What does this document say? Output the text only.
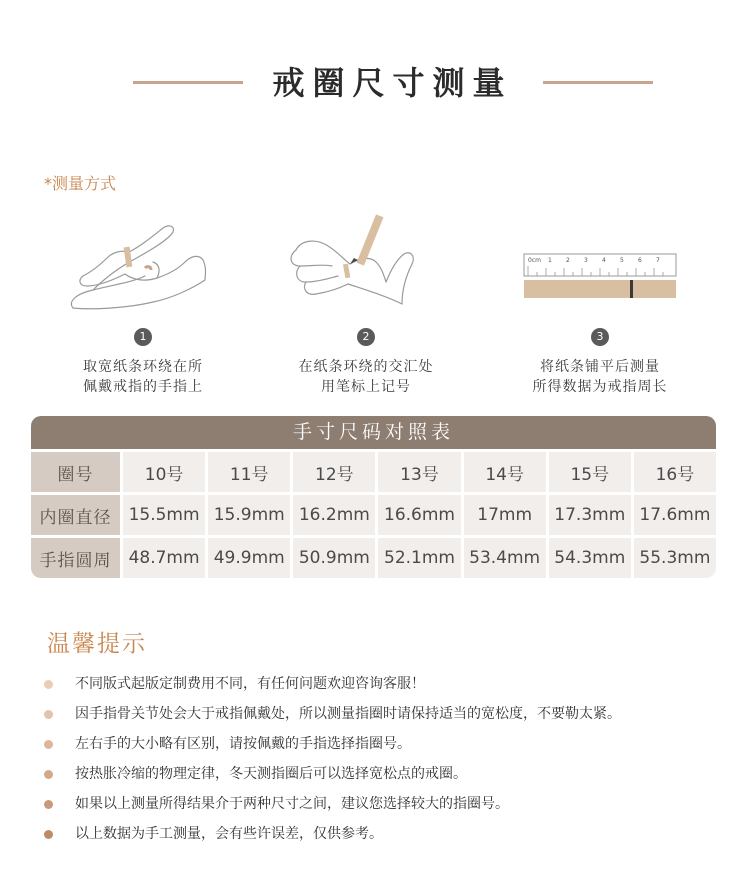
戒圈尺寸测量
*测量方式
1
取宽纸条环绕在所
佩戴戒指的手指上
2
在纸条环绕的交汇处
用笔标上记号
0cm 1 2 3 4 5 6 7
3
将纸条铺平后测量
所得数据为戒指周长
手寸尺码对照表
圈号	10号	11号	12号	13号	14号	15号	16号
内圈直径	15.5mm 15.9mm 16.2mm 16.6mm	17mm	17.3mm 17.6mm
手指圆周	48.7mm 49.9mm 50.9mm 52.1mm 53.4mm 54.3mm 55.3mm
温馨提示
不同版式起版定制费用不同，有任何问题欢迎咨询客服！
因手指骨关节处会大于戒指佩戴处，所以测量指圈时请保持适当的宽松度，不要勒太紧。
左右手的大小略有区别，请按佩戴的手指选择指圈号。
按热胀冷缩的物理定律，冬天测指圈后可以选择宽松点的戒圈。
如果以上测量所得结果介于两种尺寸之间，建议您选择较大的指圈号。
以上数据为手工测量，会有些许误差，仅供参考。
